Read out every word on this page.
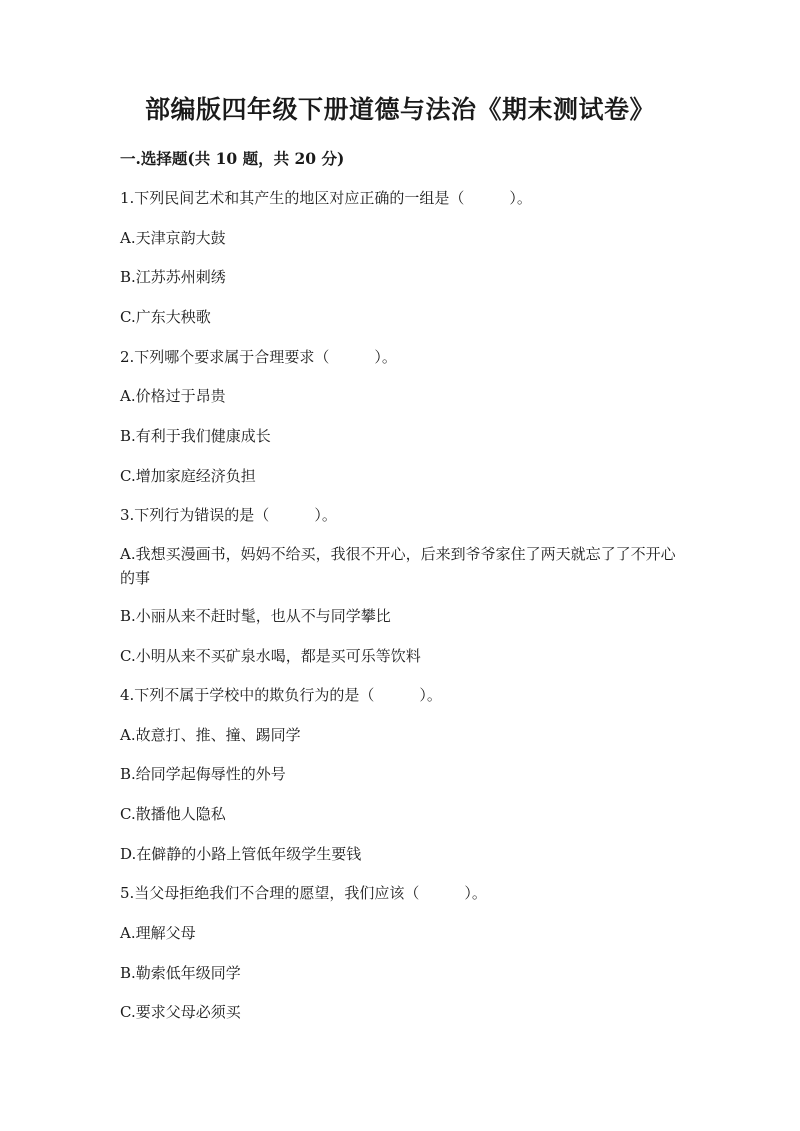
部编版四年级下册道德与法治《期末测试卷》
一.选择题(共 10 题，共 20 分)
1.下列民间艺术和其产生的地区对应正确的一组是（　　　）。
A.天津京韵大鼓
B.江苏苏州刺绣
C.广东大秧歌
2.下列哪个要求属于合理要求（　　　）。
A.价格过于昂贵
B.有利于我们健康成长
C.增加家庭经济负担
3.下列行为错误的是（　　　）。
A.我想买漫画书，妈妈不给买，我很不开心，后来到爷爷家住了两天就忘了了不开心的事
B.小丽从来不赶时髦，也从不与同学攀比
C.小明从来不买矿泉水喝，都是买可乐等饮料
4.下列不属于学校中的欺负行为的是（　　　）。
A.故意打、推、撞、踢同学
B.给同学起侮辱性的外号
C.散播他人隐私
D.在僻静的小路上管低年级学生要钱
5.当父母拒绝我们不合理的愿望，我们应该（　　　）。
A.理解父母
B.勒索低年级同学
C.要求父母必须买
